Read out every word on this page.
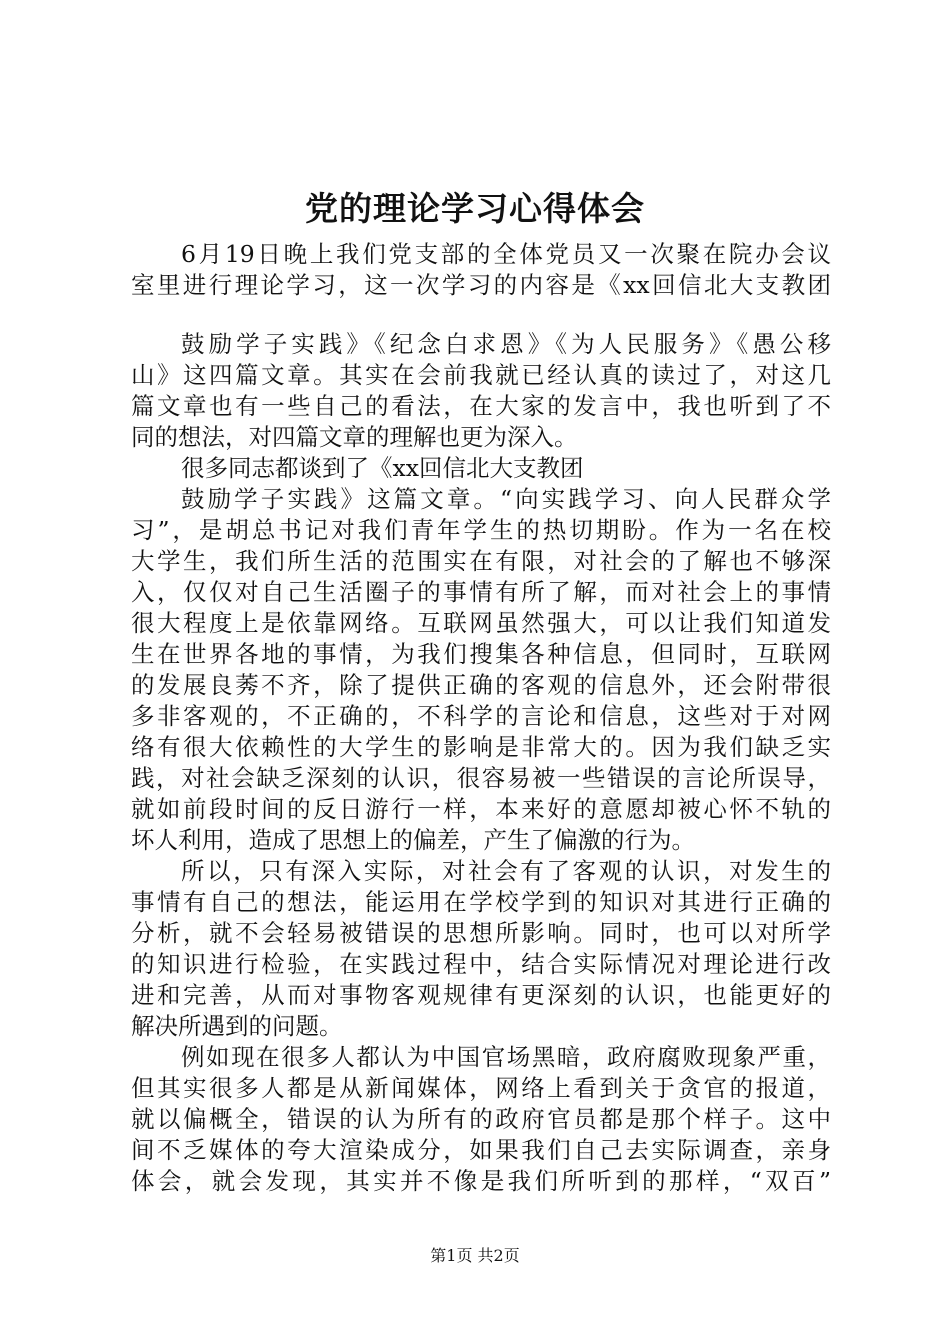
党的理论学习心得体会
6月19日晚上我们党支部的全体党员又一次聚在院办会议
室里进行理论学习，这一次学习的内容是《xx回信北大支教团
鼓励学子实践》《纪念白求恩》《为人民服务》《愚公移
山》这四篇文章。其实在会前我就已经认真的读过了，对这几
篇文章也有一些自己的看法，在大家的发言中，我也听到了不
同的想法，对四篇文章的理解也更为深入。
很多同志都谈到了《xx回信北大支教团
鼓励学子实践》这篇文章。“向实践学习、向人民群众学
习”，是胡总书记对我们青年学生的热切期盼。作为一名在校
大学生，我们所生活的范围实在有限，对社会的了解也不够深
入，仅仅对自己生活圈子的事情有所了解，而对社会上的事情
很大程度上是依靠网络。互联网虽然强大，可以让我们知道发
生在世界各地的事情，为我们搜集各种信息，但同时，互联网
的发展良莠不齐，除了提供正确的客观的信息外，还会附带很
多非客观的，不正确的，不科学的言论和信息，这些对于对网
络有很大依赖性的大学生的影响是非常大的。因为我们缺乏实
践，对社会缺乏深刻的认识，很容易被一些错误的言论所误导，
就如前段时间的反日游行一样，本来好的意愿却被心怀不轨的
坏人利用，造成了思想上的偏差，产生了偏激的行为。
所以，只有深入实际，对社会有了客观的认识，对发生的
事情有自己的想法，能运用在学校学到的知识对其进行正确的
分析，就不会轻易被错误的思想所影响。同时，也可以对所学
的知识进行检验，在实践过程中，结合实际情况对理论进行改
进和完善，从而对事物客观规律有更深刻的认识，也能更好的
解决所遇到的问题。
例如现在很多人都认为中国官场黑暗，政府腐败现象严重，
但其实很多人都是从新闻媒体，网络上看到关于贪官的报道，
就以偏概全，错误的认为所有的政府官员都是那个样子。这中
间不乏媒体的夸大渲染成分，如果我们自己去实际调查，亲身
体会，就会发现，其实并不像是我们所听到的那样，“双百”
第1页 共2页
